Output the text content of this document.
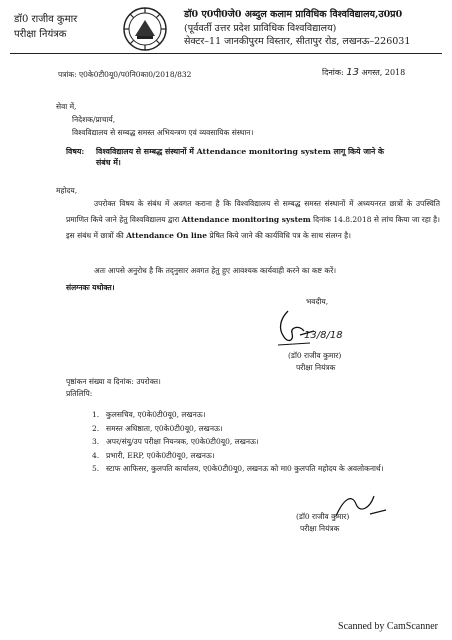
डॉ0 राजीव कुमार
परीक्षा नियंत्रक
डॉ0 ए0पी0जे0 अब्दुल कलाम प्राविधिक विश्वविद्यालय,उ0प्र0
(पूर्ववर्ती उत्तर प्रदेश प्राविधिक विश्वविद्यालय)
सेक्टर–11 जानकीपुरम विस्तार, सीतापुर रोड, लखनऊ–226031
पत्रांक: ए0के0टी0यू0/प0नि0का0/2018/832	दिनांक: 13 अगस्त, 2018
सेवा में,
निदेशक/प्राचार्य,
विश्वविद्यालय से सम्बद्ध समस्त अभियन्त्रण एवं व्यवसायिक संस्थान।
विषय: विश्वविद्यालय से सम्बद्ध संस्थानों में Attendance monitoring system लागू किये जाने के
संबंध में।
महोदय,
उपरोक्त विषय के संबंध में अवगत कराना है कि विश्वविद्यालय से सम्बद्ध समस्त संस्थानों में अध्ययनरत छात्रों के उपस्थिति प्रमाणित किये जाने हेतु विश्वविद्यालय द्वारा Attendance monitoring system दिनांक 14.8.2018 से लांच किया जा रहा है। इस संबंध में छात्रों की Attendance On line प्रेषित किये जाने की कार्यविधि पत्र के साथ संलग्न है।
अतः आपसे अनुरोध है कि तद्नुसार अवगत हेतु हुए आवश्यक कार्यवाही करने का कष्ट करें।
संलग्नकः यथोक्त।
भवदीय,
13/8/18
(डॉ0 राजीव कुमार)
परीक्षा नियंत्रक
पृष्ठांकन संख्या व दिनांक: उपरोक्त।
प्रतिलिपि:
1. कुलसचिव, ए0के0टी0यू0, लखनऊ।
2. समस्त अधिष्ठाता, ए0के0टी0यू0, लखनऊ।
3. अपर/संयु/उप परीक्षा नियन्त्रक, ए0के0टी0यू0, लखनऊ।
4. प्रभारी, ERP, ए0के0टी0यू0, लखनऊ।
5. स्टाफ आफिसर, कुलपति कार्यालय, ए0के0टी0यू0, लखनऊ को मा0 कुलपति महोदय के अवलोकनार्थ।
(डॉ0 राजीव कुमार)
परीक्षा नियंत्रक
Scanned by CamScanner
